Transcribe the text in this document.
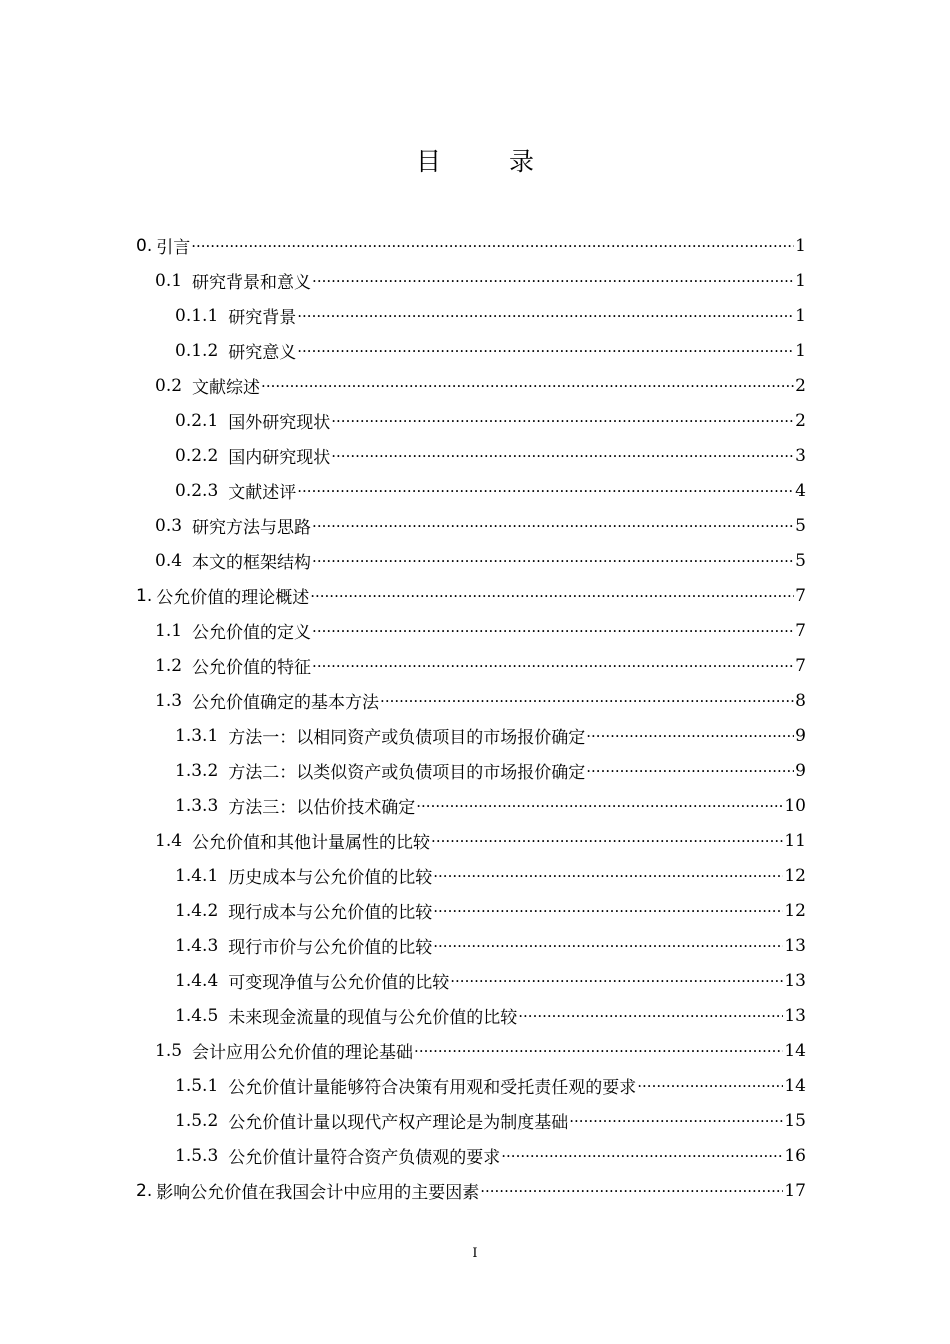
目 录
0. 引言 ·····	1
0.1 研究背景和意义 ·····	1
0.1.1 研究背景 ·····	1
0.1.2 研究意义 ·····	1
0.2 文献综述 ·····	2
0.2.1 国外研究现状 ·····	2
0.2.2 国内研究现状 ·····	3
0.2.3 文献述评 ·····	4
0.3 研究方法与思路 ·····	5
0.4 本文的框架结构 ·····	5
1. 公允价值的理论概述 ·····	7
1.1 公允价值的定义 ·····	7
1.2 公允价值的特征 ·····	7
1.3 公允价值确定的基本方法 ·····	8
1.3.1 方法一：以相同资产或负债项目的市场报价确定 ·····	9
1.3.2 方法二：以类似资产或负债项目的市场报价确定 ·····	9
1.3.3 方法三：以估价技术确定 ·····	10
1.4 公允价值和其他计量属性的比较 ·····	11
1.4.1 历史成本与公允价值的比较 ·····	12
1.4.2 现行成本与公允价值的比较 ·····	12
1.4.3 现行市价与公允价值的比较 ·····	13
1.4.4 可变现净值与公允价值的比较 ·····	13
1.4.5 未来现金流量的现值与公允价值的比较 ·····	13
1.5 会计应用公允价值的理论基础 ·····	14
1.5.1 公允价值计量能够符合决策有用观和受托责任观的要求 ·····	14
1.5.2 公允价值计量以现代产权产理论是为制度基础 ·····	15
1.5.3 公允价值计量符合资产负债观的要求 ·····	16
2. 影响公允价值在我国会计中应用的主要因素 ·····	17
I
